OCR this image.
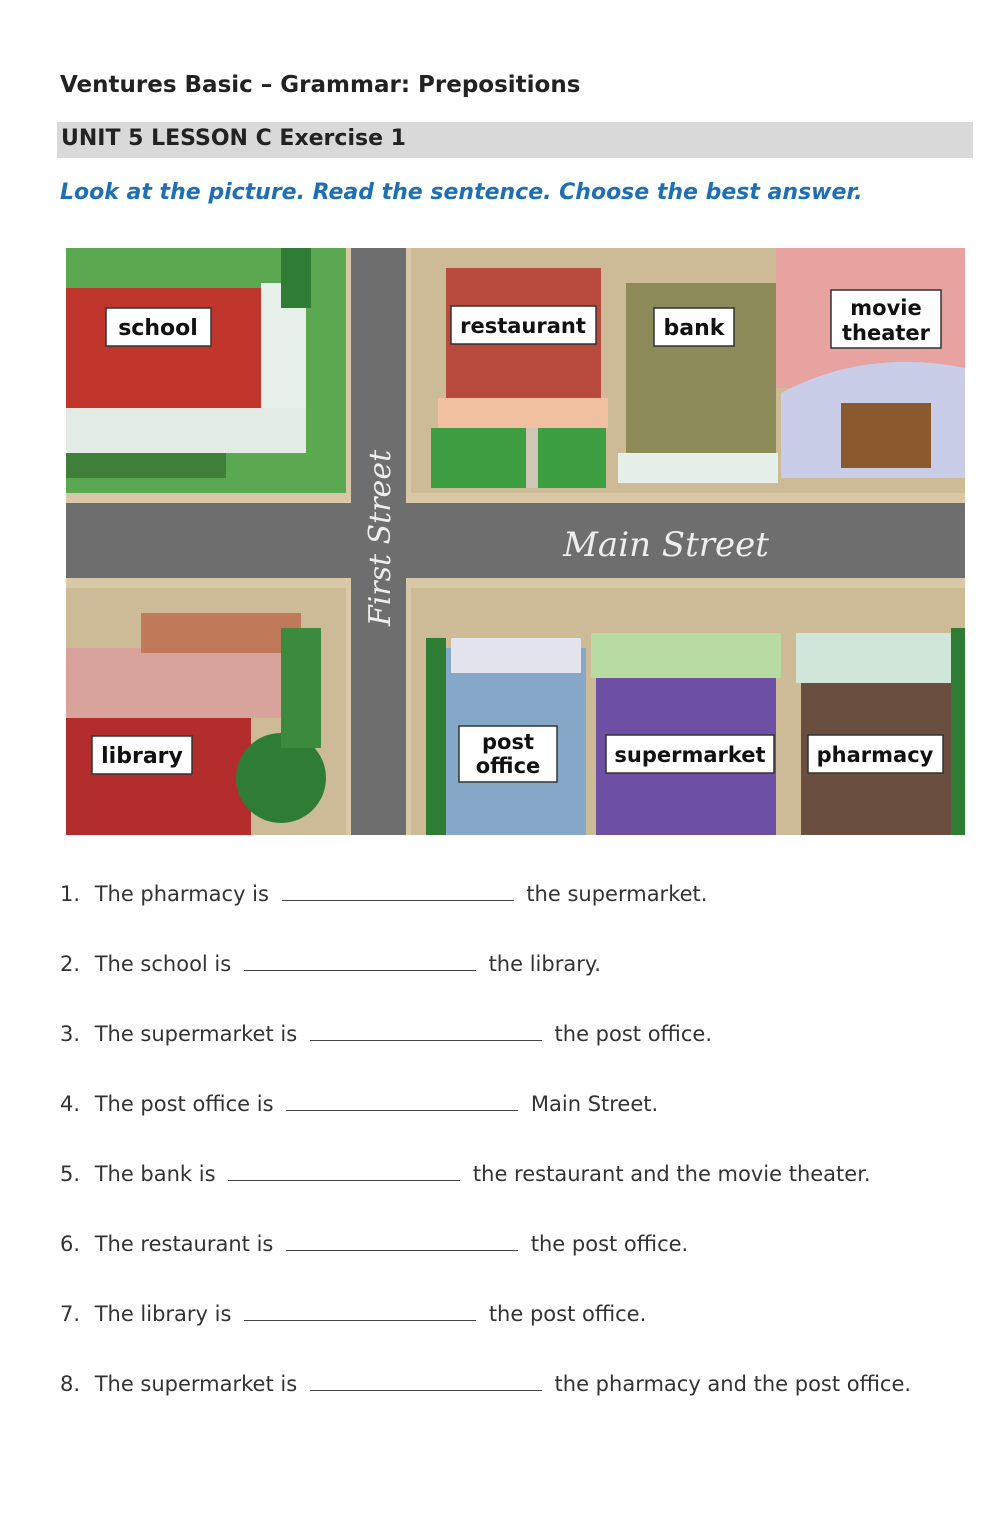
Ventures Basic – Grammar: Prepositions
UNIT 5 LESSON C Exercise 1
Look at the picture. Read the sentence. Choose the best answer.
Main Street
First Street
school	restaurant	bank
movie
theater
library
post
office	supermarket pharmacy
1. The pharmacy is	the supermarket.
2. The school is	the library.
3. The supermarket is	the post office.
4. The post office is	Main Street.
5. The bank is	the restaurant and the movie theater.
6. The restaurant is	the post office.
7. The library is	the post office.
8. The supermarket is	the pharmacy and the post office.
